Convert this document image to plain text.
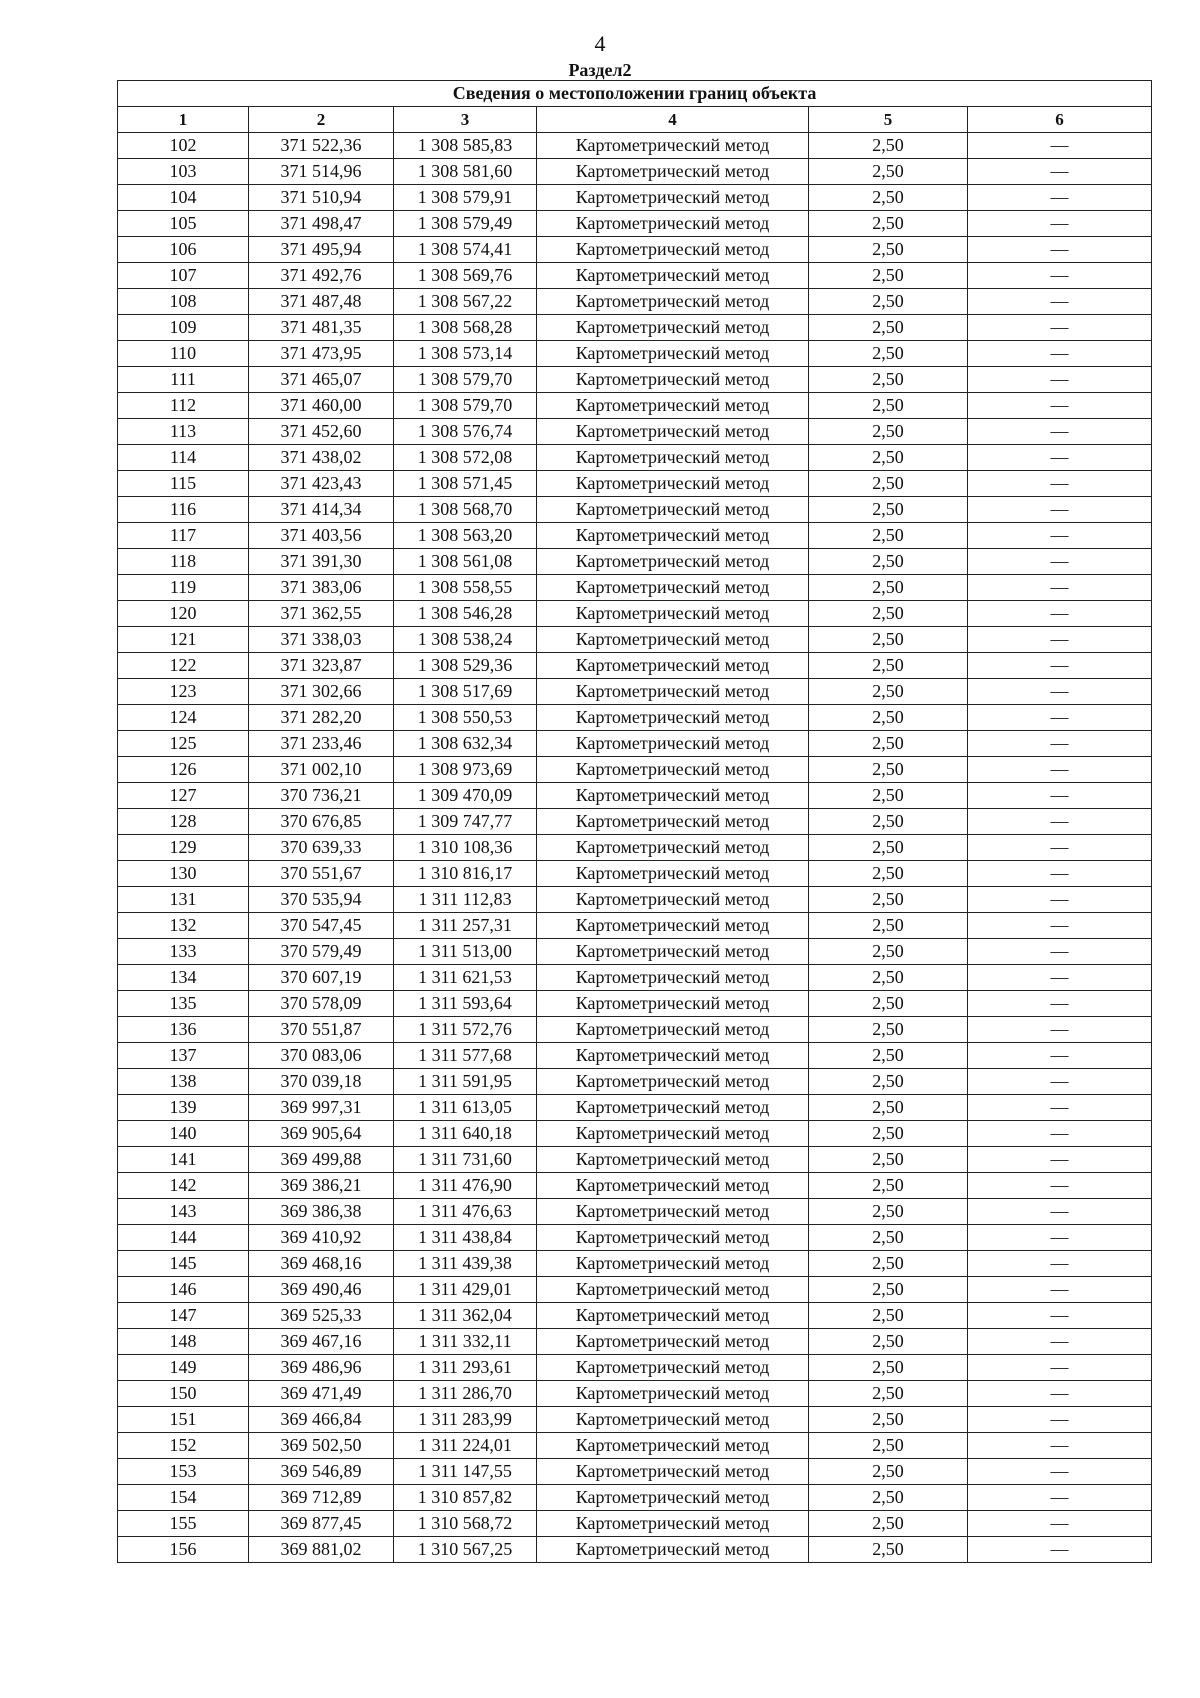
4
Раздел2
Сведения о местоположении границ объекта					
1	2	3	4	5	6
102	371 522,36	1 308 585,83	Картометрический метод	2,50	—
103	371 514,96	1 308 581,60	Картометрический метод	2,50	—
104	371 510,94	1 308 579,91	Картометрический метод	2,50	—
105	371 498,47	1 308 579,49	Картометрический метод	2,50	—
106	371 495,94	1 308 574,41	Картометрический метод	2,50	—
107	371 492,76	1 308 569,76	Картометрический метод	2,50	—
108	371 487,48	1 308 567,22	Картометрический метод	2,50	—
109	371 481,35	1 308 568,28	Картометрический метод	2,50	—
110	371 473,95	1 308 573,14	Картометрический метод	2,50	—
111	371 465,07	1 308 579,70	Картометрический метод	2,50	—
112	371 460,00	1 308 579,70	Картометрический метод	2,50	—
113	371 452,60	1 308 576,74	Картометрический метод	2,50	—
114	371 438,02	1 308 572,08	Картометрический метод	2,50	—
115	371 423,43	1 308 571,45	Картометрический метод	2,50	—
116	371 414,34	1 308 568,70	Картометрический метод	2,50	—
117	371 403,56	1 308 563,20	Картометрический метод	2,50	—
118	371 391,30	1 308 561,08	Картометрический метод	2,50	—
119	371 383,06	1 308 558,55	Картометрический метод	2,50	—
120	371 362,55	1 308 546,28	Картометрический метод	2,50	—
121	371 338,03	1 308 538,24	Картометрический метод	2,50	—
122	371 323,87	1 308 529,36	Картометрический метод	2,50	—
123	371 302,66	1 308 517,69	Картометрический метод	2,50	—
124	371 282,20	1 308 550,53	Картометрический метод	2,50	—
125	371 233,46	1 308 632,34	Картометрический метод	2,50	—
126	371 002,10	1 308 973,69	Картометрический метод	2,50	—
127	370 736,21	1 309 470,09	Картометрический метод	2,50	—
128	370 676,85	1 309 747,77	Картометрический метод	2,50	—
129	370 639,33	1 310 108,36	Картометрический метод	2,50	—
130	370 551,67	1 310 816,17	Картометрический метод	2,50	—
131	370 535,94	1 311 112,83	Картометрический метод	2,50	—
132	370 547,45	1 311 257,31	Картометрический метод	2,50	—
133	370 579,49	1 311 513,00	Картометрический метод	2,50	—
134	370 607,19	1 311 621,53	Картометрический метод	2,50	—
135	370 578,09	1 311 593,64	Картометрический метод	2,50	—
136	370 551,87	1 311 572,76	Картометрический метод	2,50	—
137	370 083,06	1 311 577,68	Картометрический метод	2,50	—
138	370 039,18	1 311 591,95	Картометрический метод	2,50	—
139	369 997,31	1 311 613,05	Картометрический метод	2,50	—
140	369 905,64	1 311 640,18	Картометрический метод	2,50	—
141	369 499,88	1 311 731,60	Картометрический метод	2,50	—
142	369 386,21	1 311 476,90	Картометрический метод	2,50	—
143	369 386,38	1 311 476,63	Картометрический метод	2,50	—
144	369 410,92	1 311 438,84	Картометрический метод	2,50	—
145	369 468,16	1 311 439,38	Картометрический метод	2,50	—
146	369 490,46	1 311 429,01	Картометрический метод	2,50	—
147	369 525,33	1 311 362,04	Картометрический метод	2,50	—
148	369 467,16	1 311 332,11	Картометрический метод	2,50	—
149	369 486,96	1 311 293,61	Картометрический метод	2,50	—
150	369 471,49	1 311 286,70	Картометрический метод	2,50	—
151	369 466,84	1 311 283,99	Картометрический метод	2,50	—
152	369 502,50	1 311 224,01	Картометрический метод	2,50	—
153	369 546,89	1 311 147,55	Картометрический метод	2,50	—
154	369 712,89	1 310 857,82	Картометрический метод	2,50	—
155	369 877,45	1 310 568,72	Картометрический метод	2,50	—
156	369 881,02	1 310 567,25	Картометрический метод	2,50	—
